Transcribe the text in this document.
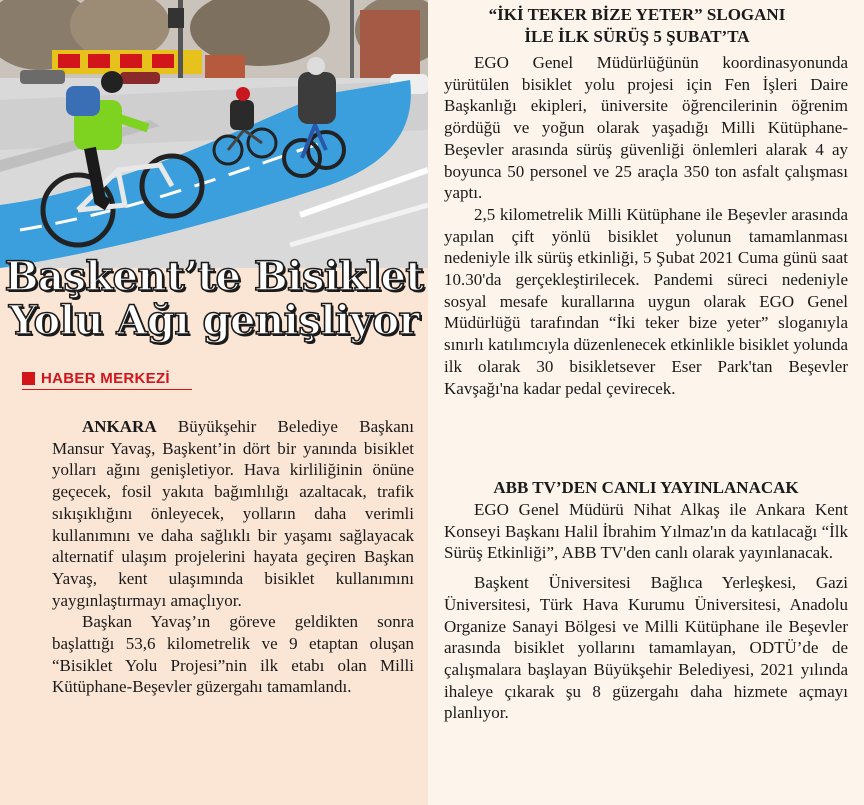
Başkent’te Bisiklet
Yolu Ağı genişliyor
HABER MERKEZİ

ANKARA Büyükşehir Belediye Başkanı Mansur Yavaş, Başkent’in dört bir yanında bisiklet yolları ağını genişletiyor. Hava kirliliğinin önüne geçecek, fosil yakıta bağımlılığı azaltacak, trafik sıkışıklığını önleyecek, yolların daha verimli kullanımını ve daha sağlıklı bir yaşamı sağlayacak alternatif ulaşım projelerini hayata geçiren Başkan Yavaş, kent ulaşımında bisiklet kullanımını yaygınlaştırmayı amaçlıyor.

Başkan Yavaş’ın göreve geldikten sonra başlattığı 53,6 kilometrelik ve 9 etaptan oluşan “Bisiklet Yolu Projesi”nin ilk etabı olan Milli Kütüphane-Beşevler güzergahı tamamlandı.

“İKİ TEKER BİZE YETER” SLOGANI
İLE İLK SÜRÜŞ 5 ŞUBAT’TA

EGO Genel Müdürlüğünün koordinasyonunda yürütülen bisiklet yolu projesi için Fen İşleri Daire Başkanlığı ekipleri, üniversite öğrencilerinin öğrenim gördüğü ve yoğun olarak yaşadığı Milli Kütüphane-Beşevler arasında sürüş güvenliği önlemleri alarak 4 ay boyunca 50 personel ve 25 araçla 350 ton asfalt çalışması yaptı.

2,5 kilometrelik Milli Kütüphane ile Beşevler arasında yapılan çift yönlü bisiklet yolunun tamamlanması nedeniyle ilk sürüş etkinliği, 5 Şubat 2021 Cuma günü saat 10.30'da gerçekleştirilecek. Pandemi süreci nedeniyle sosyal mesafe kurallarına uygun olarak EGO Genel Müdürlüğü tarafından “İki teker bize yeter” sloganıyla sınırlı katılımcıyla düzenlenecek etkinlikle bisiklet yolunda ilk olarak 30 bisikletsever Eser Park'tan Beşevler Kavşağı'na kadar pedal çevirecek.

ABB TV’DEN CANLI YAYINLANACAK

EGO Genel Müdürü Nihat Alkaş ile Ankara Kent Konseyi Başkanı Halil İbrahim Yılmaz'ın da katılacağı “İlk Sürüş Etkinliği”, ABB TV'den canlı olarak yayınlanacak.

Başkent Üniversitesi Bağlıca Yerleşkesi, Gazi Üniversitesi, Türk Hava Kurumu Üniversitesi, Anadolu Organize Sanayi Bölgesi ve Milli Kütüphane ile Beşevler arasında bisiklet yollarını tamamlayan, ODTÜ’de de çalışmalara başlayan Büyükşehir Belediyesi, 2021 yılında ihaleye çıkarak şu 8 güzergahı daha hizmete açmayı planlıyor.
